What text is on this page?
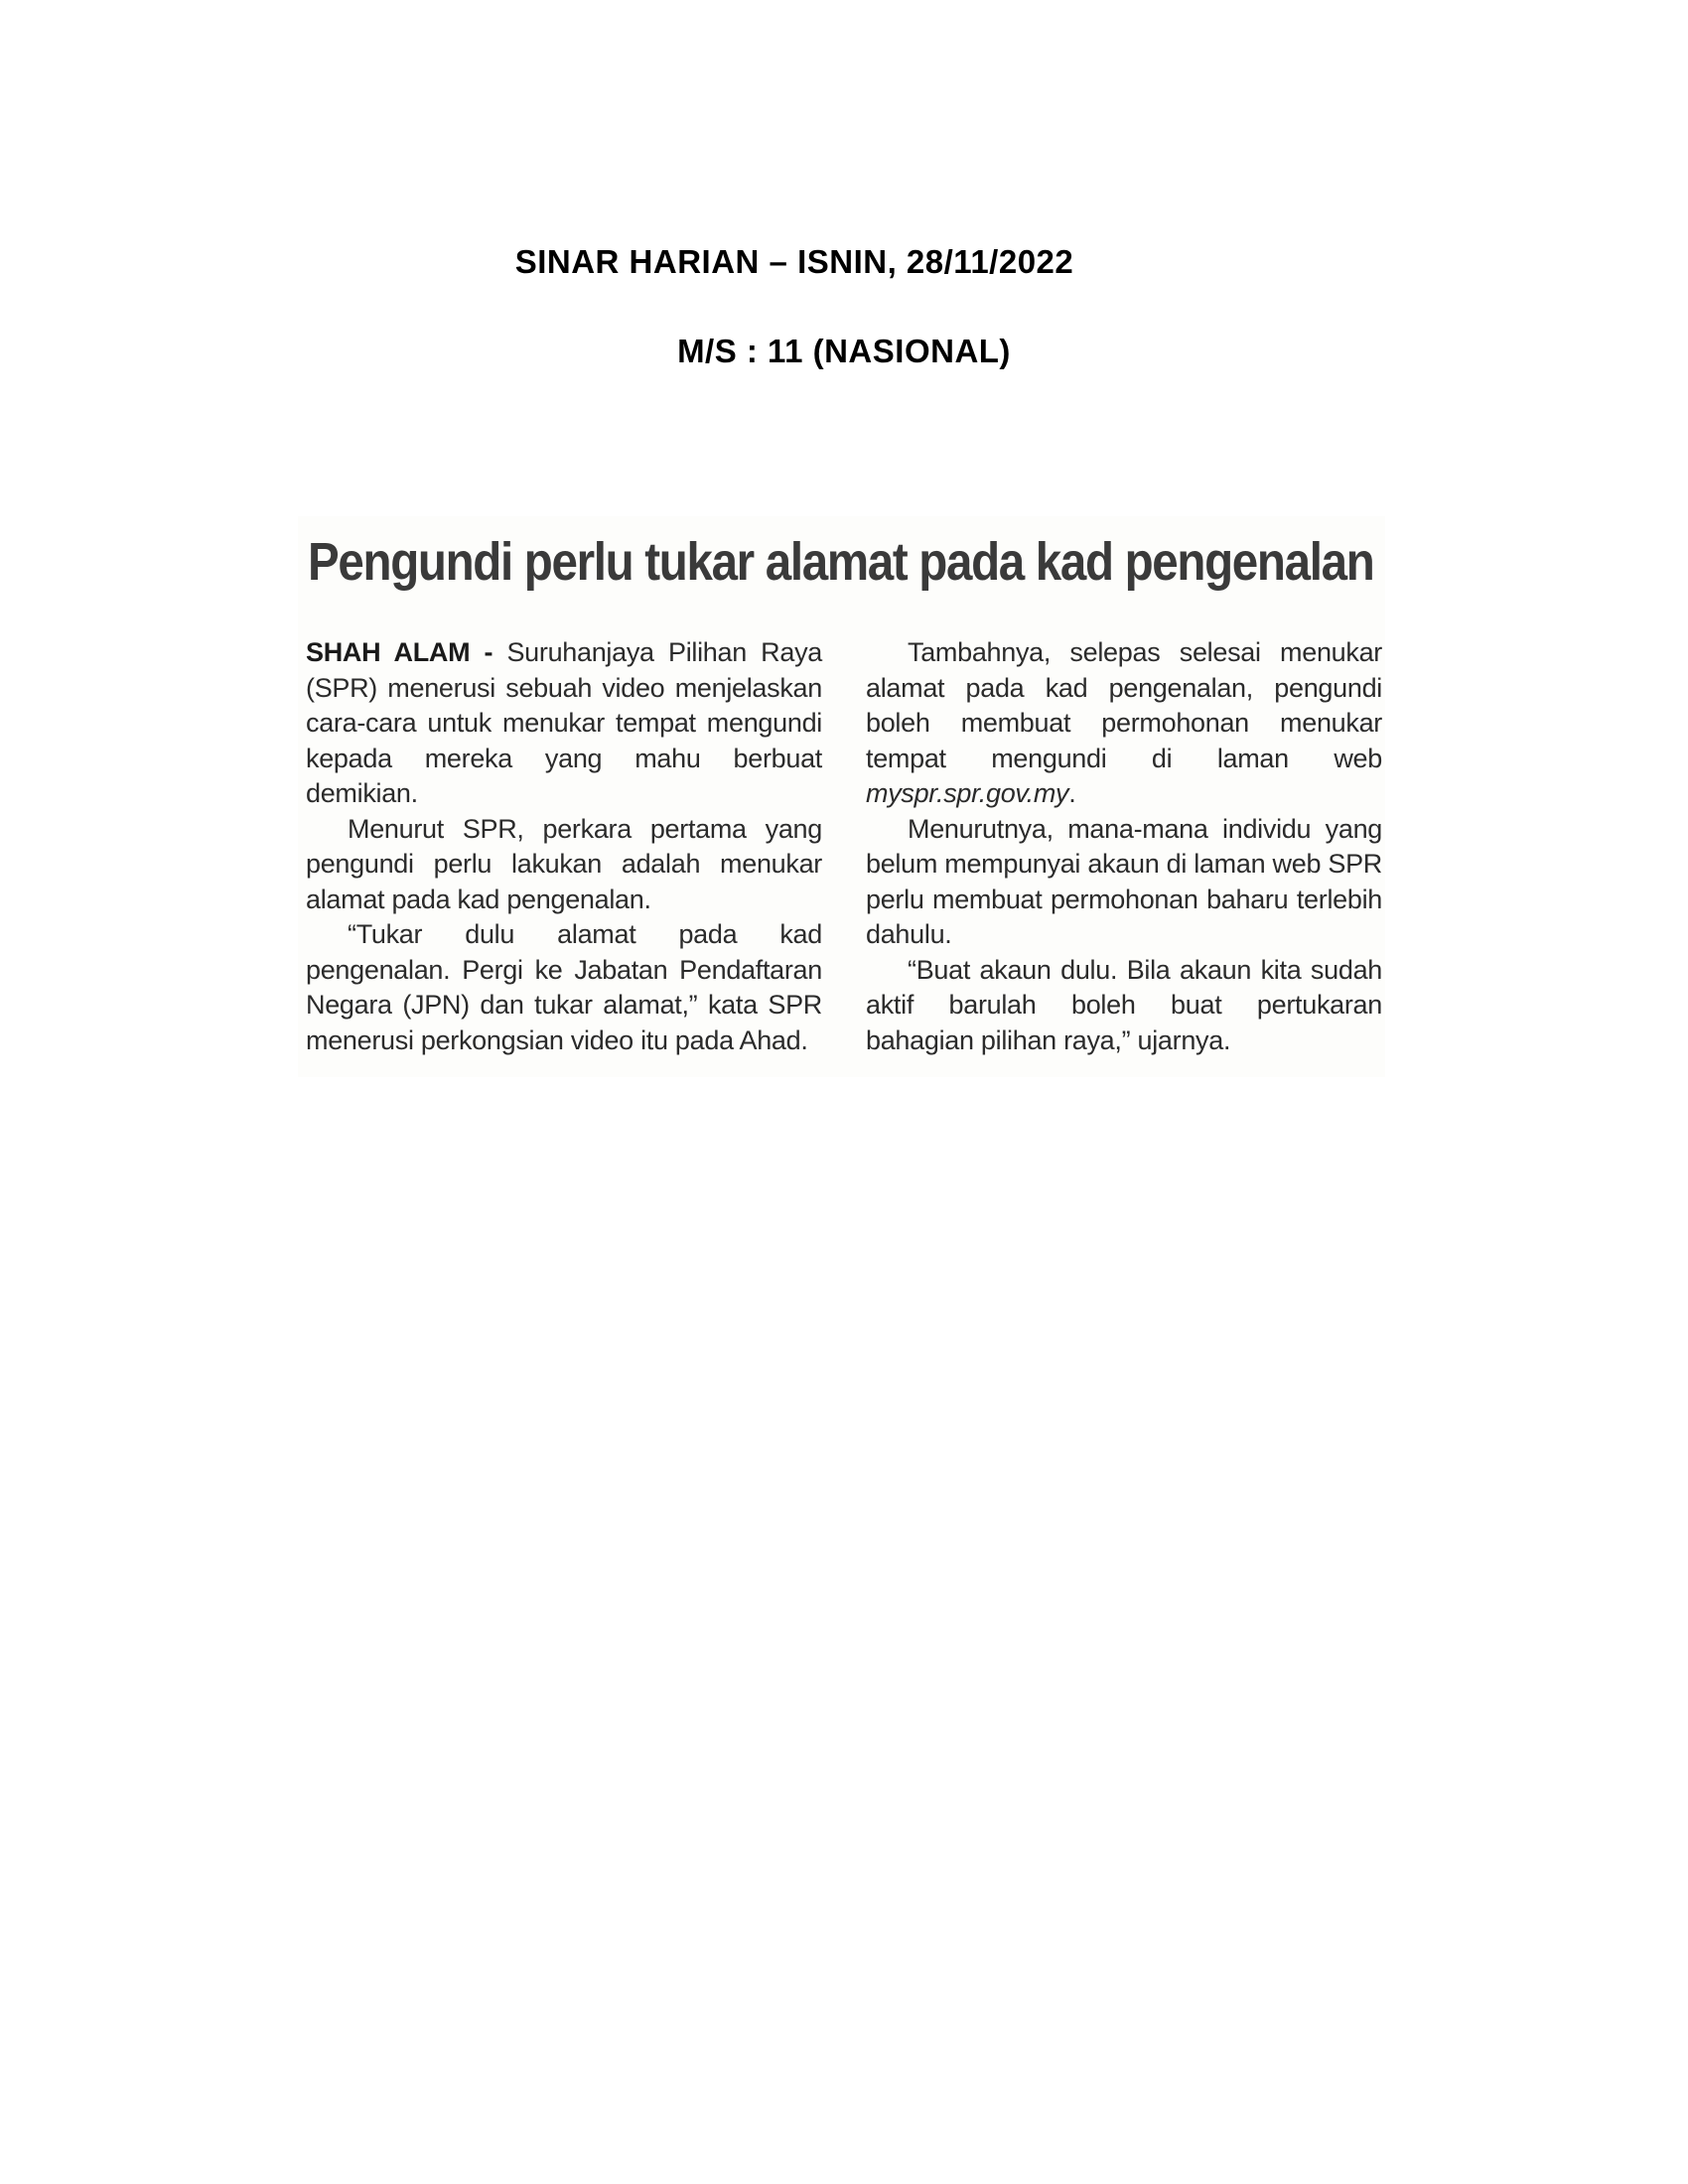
SINAR HARIAN – ISNIN, 28/11/2022
M/S : 11 (NASIONAL)
Pengundi perlu tukar alamat pada kad pengenalan

SHAH ALAM - Suruhanjaya Pilihan Raya (SPR) menerusi sebuah video menjelaskan cara-cara untuk menukar tempat mengundi kepada mereka yang mahu berbuat demikian.

Menurut SPR, perkara pertama yang pengundi perlu lakukan adalah menukar alamat pada kad pengenalan.

“Tukar dulu alamat pada kad pengenalan. Pergi ke Jabatan Pendaftaran Negara (JPN) dan tukar alamat,” kata SPR menerusi perkongsian video itu pada Ahad.

Tambahnya, selepas selesai menukar alamat pada kad pengenalan, pengundi boleh membuat permohonan menukar tempat mengundi di laman web myspr.spr.gov.my.

Menurutnya, mana-mana individu yang belum mempunyai akaun di laman web SPR perlu membuat permohonan baharu terlebih dahulu.

“Buat akaun dulu. Bila akaun kita sudah aktif barulah boleh buat pertukaran bahagian pilihan raya,” ujarnya.
